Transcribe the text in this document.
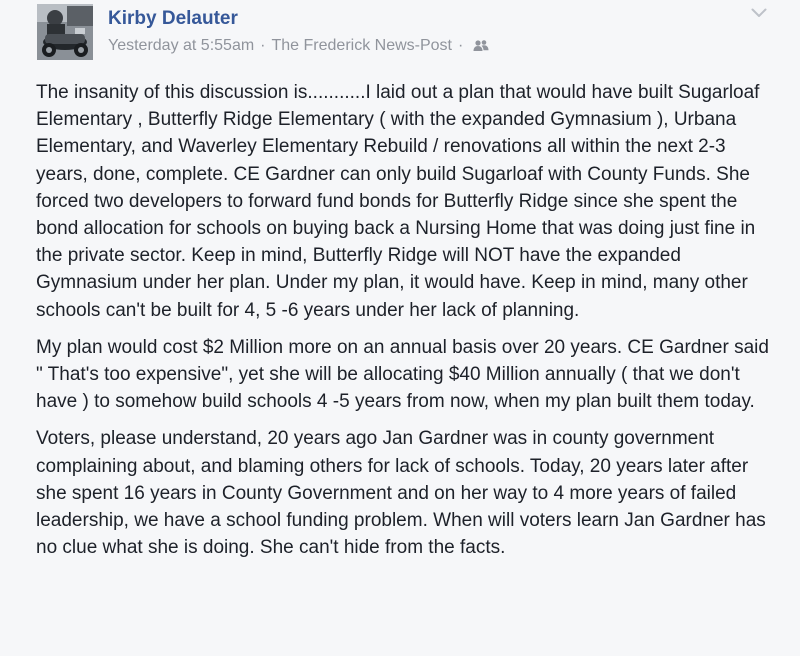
Kirby Delauter
Yesterday at 5:55am · The Frederick News-Post ·

The insanity of this discussion is...........I laid out a plan that would have built Sugarloaf Elementary , Butterfly Ridge Elementary ( with the expanded Gymnasium ), Urbana Elementary, and Waverley Elementary Rebuild / renovations all within the next 2-3 years, done, complete. CE Gardner can only build Sugarloaf with County Funds. She forced two developers to forward fund bonds for Butterfly Ridge since she spent the bond allocation for schools on buying back a Nursing Home that was doing just fine in the private sector. Keep in mind, Butterfly Ridge will NOT have the expanded Gymnasium under her plan. Under my plan, it would have. Keep in mind, many other schools can't be built for 4, 5 -6 years under her lack of planning.

My plan would cost $2 Million more on an annual basis over 20 years. CE Gardner said " That's too expensive", yet she will be allocating $40 Million annually ( that we don't have ) to somehow build schools 4 -5 years from now, when my plan built them today.

Voters, please understand, 20 years ago Jan Gardner was in county government complaining about, and blaming others for lack of schools. Today, 20 years later after she spent 16 years in County Government and on her way to 4 more years of failed leadership, we have a school funding problem. When will voters learn Jan Gardner has no clue what she is doing. She can't hide from the facts.
